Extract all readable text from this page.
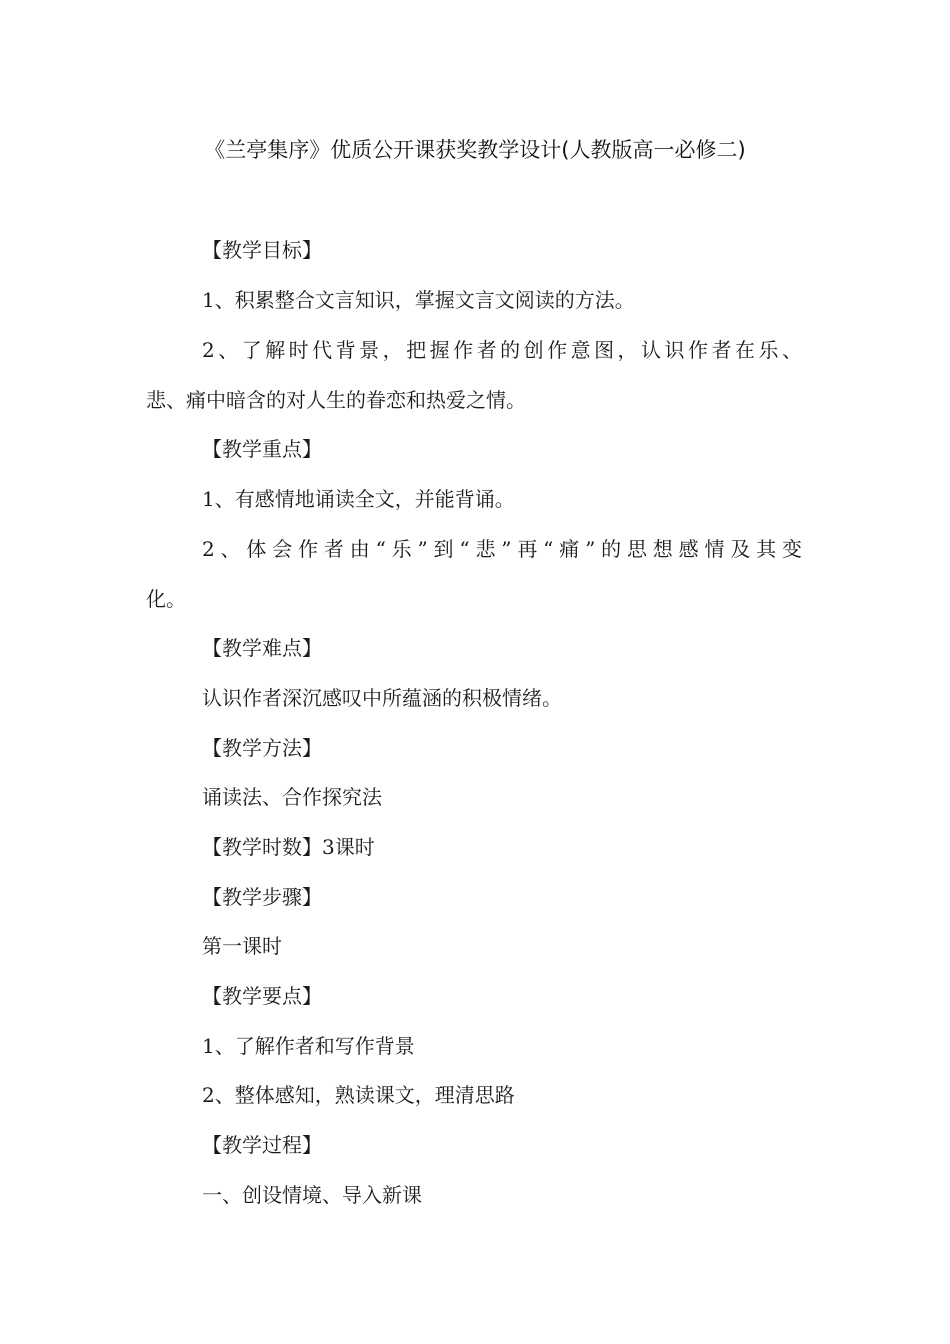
《兰亭集序》优质公开课获奖教学设计(人教版高一必修二)
【教学目标】
1、积累整合文言知识，掌握文言文阅读的方法。
2、了解时代背景，把握作者的创作意图，认识作者在乐、
悲、痛中暗含的对人生的眷恋和热爱之情。
【教学重点】
1、有感情地诵读全文，并能背诵。
2、体会作者由“乐”到“悲”再“痛”的思想感情及其变
化。
【教学难点】
认识作者深沉感叹中所蕴涵的积极情绪。
【教学方法】
诵读法、合作探究法
【教学时数】3课时
【教学步骤】
第一课时
【教学要点】
1、了解作者和写作背景
2、整体感知，熟读课文，理清思路
【教学过程】
一、创设情境、导入新课
